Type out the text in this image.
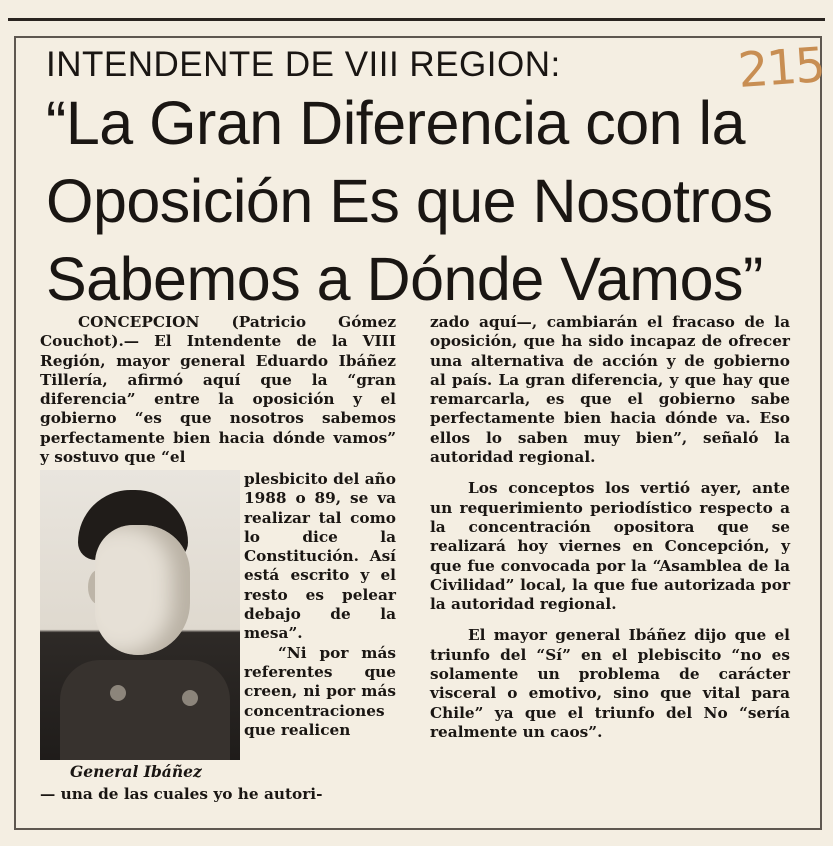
215
INTENDENTE DE VIII REGION:
“La Gran Diferencia con la Oposición Es que Nosotros Sabemos a Dónde Vamos”

CONCEPCION (Patricio Gómez Couchot).— El Intendente de la VIII Región, mayor general Eduardo Ibáñez Tillería, afirmó aquí que la “gran diferencia” entre la oposición y el gobierno “es que nosotros sabemos perfectamente bien hacia dónde vamos” y sostuvo que “el

General Ibáñez

plesbicito del año 1988 o 89, se va realizar tal como lo dice la Constitución. Así está escrito y el resto es pelear debajo de la mesa”.

“Ni por más referentes que creen, ni por más concentraciones que realicen

— una de las cuales yo he autori-

zado aquí—, cambiarán el fracaso de la oposición, que ha sido incapaz de ofrecer una alternativa de acción y de gobierno al país. La gran diferencia, y que hay que remarcarla, es que el gobierno sabe perfectamente bien hacia dónde va. Eso ellos lo saben muy bien”, señaló la autoridad regional.

Los conceptos los vertió ayer, ante un requerimiento periodístico respecto a la concentración opositora que se realizará hoy viernes en Concepción, y que fue convocada por la “Asamblea de la Civilidad” local, la que fue autorizada por la autoridad regional.

El mayor general Ibáñez dijo que el triunfo del “Sí” en el plebiscito “no es solamente un problema de carácter visceral o emotivo, sino que vital para Chile” ya que el triunfo del No “sería realmente un caos”.
